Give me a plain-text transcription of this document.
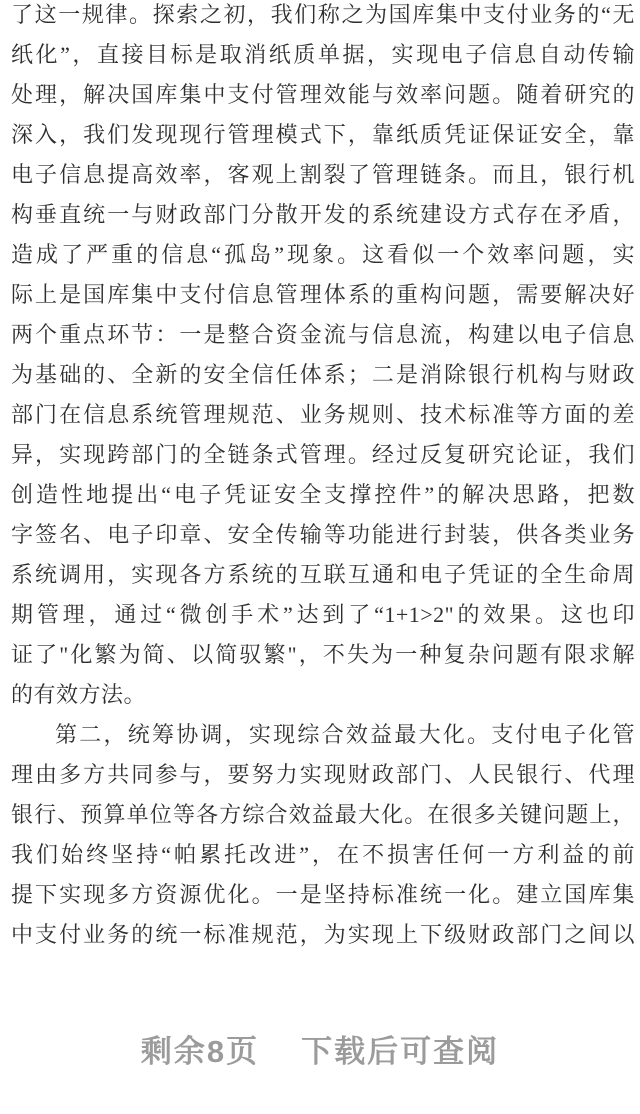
了这一规律。探索之初，我们称之为国库集中支付业务的“无
纸化”，直接目标是取消纸质单据，实现电子信息自动传输
处理，解决国库集中支付管理效能与效率问题。随着研究的
深入，我们发现现行管理模式下，靠纸质凭证保证安全，靠
电子信息提高效率，客观上割裂了管理链条。而且，银行机
构垂直统一与财政部门分散开发的系统建设方式存在矛盾，
造成了严重的信息“孤岛”现象。这看似一个效率问题，实
际上是国库集中支付信息管理体系的重构问题，需要解决好
两个重点环节：一是整合资金流与信息流，构建以电子信息
为基础的、全新的安全信任体系；二是消除银行机构与财政
部门在信息系统管理规范、业务规则、技术标准等方面的差
异，实现跨部门的全链条式管理。经过反复研究论证，我们
创造性地提出“电子凭证安全支撑控件”的解决思路，把数
字签名、电子印章、安全传输等功能进行封装，供各类业务
系统调用，实现各方系统的互联互通和电子凭证的全生命周
期管理，通过“微创手术”达到了“1+1>2"的效果。这也印
证了"化繁为简、以简驭繁"，不失为一种复杂问题有限求解
的有效方法。
第二，统筹协调，实现综合效益最大化。支付电子化管
理由多方共同参与，要努力实现财政部门、人民银行、代理
银行、预算单位等各方综合效益最大化。在很多关键问题上，
我们始终坚持“帕累托改进”，在不损害任何一方利益的前
提下实现多方资源优化。一是坚持标准统一化。建立国库集
中支付业务的统一标准规范，为实现上下级财政部门之间以
剩余8页 下载后可查阅
